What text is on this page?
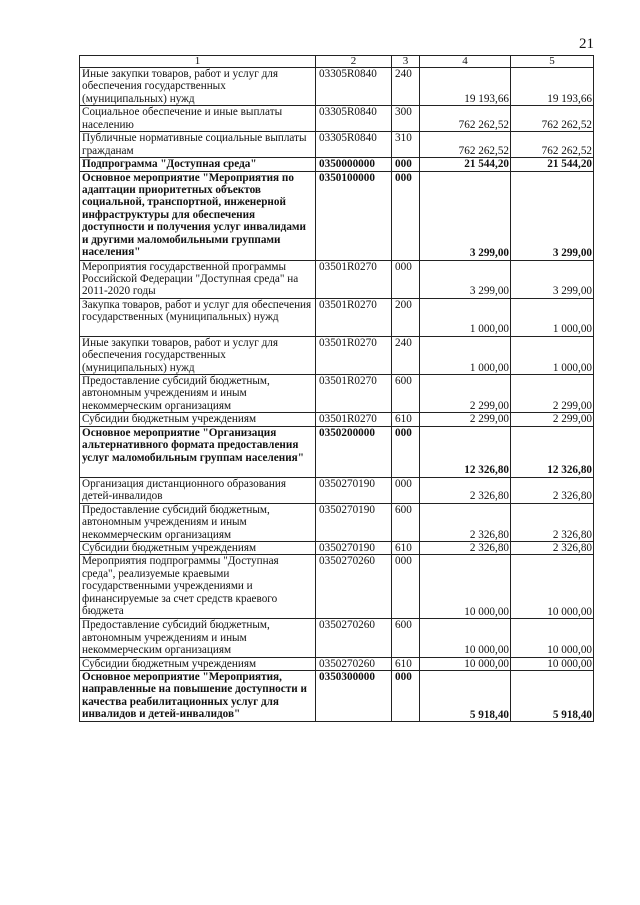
21
1	2	3	4	5
Иные закупки товаров, работ и услуг для обеспечения государственных (муниципальных) нужд	03305R0840	240	19 193,66	19 193,66
Социальное обеспечение и иные выплаты населению	03305R0840	300	762 262,52	762 262,52
Публичные нормативные социальные выплаты гражданам	03305R0840	310	762 262,52	762 262,52
Подпрограмма "Доступная среда"	0350000000	000	21 544,20	21 544,20
Основное мероприятие "Мероприятия по адаптации приоритетных объектов социальной, транспортной, инженерной инфраструктуры для обеспечения доступности и получения услуг инвалидами и другими маломобильными группами населения"	0350100000	000	3 299,00	3 299,00
Мероприятия государственной программы Российской Федерации "Доступная среда" на 2011-2020 годы	03501R0270	000	3 299,00	3 299,00
Закупка товаров, работ и услуг для обеспечения государственных (муниципальных) нужд	03501R0270	200	1 000,00	1 000,00
Иные закупки товаров, работ и услуг для обеспечения государственных (муниципальных) нужд	03501R0270	240	1 000,00	1 000,00
Предоставление субсидий бюджетным, автономным учреждениям и иным некоммерческим организациям	03501R0270	600	2 299,00	2 299,00
Субсидии бюджетным учреждениям	03501R0270	610	2 299,00	2 299,00
Основное мероприятие "Организация альтернативного формата предоставления услуг маломобильным группам населения"	0350200000	000	12 326,80	12 326,80
Организация дистанционного образования детей-инвалидов	0350270190	000	2 326,80	2 326,80
Предоставление субсидий бюджетным, автономным учреждениям и иным некоммерческим организациям	0350270190	600	2 326,80	2 326,80
Субсидии бюджетным учреждениям	0350270190	610	2 326,80	2 326,80
Мероприятия подпрограммы "Доступная среда", реализуемые краевыми государственными учреждениями и финансируемые за счет средств краевого бюджета	0350270260	000	10 000,00	10 000,00
Предоставление субсидий бюджетным, автономным учреждениям и иным некоммерческим организациям	0350270260	600	10 000,00	10 000,00
Субсидии бюджетным учреждениям	0350270260	610	10 000,00	10 000,00
Основное мероприятие "Мероприятия, направленные на повышение доступности и качества реабилитационных услуг для инвалидов и детей-инвалидов"	0350300000	000	5 918,40	5 918,40
